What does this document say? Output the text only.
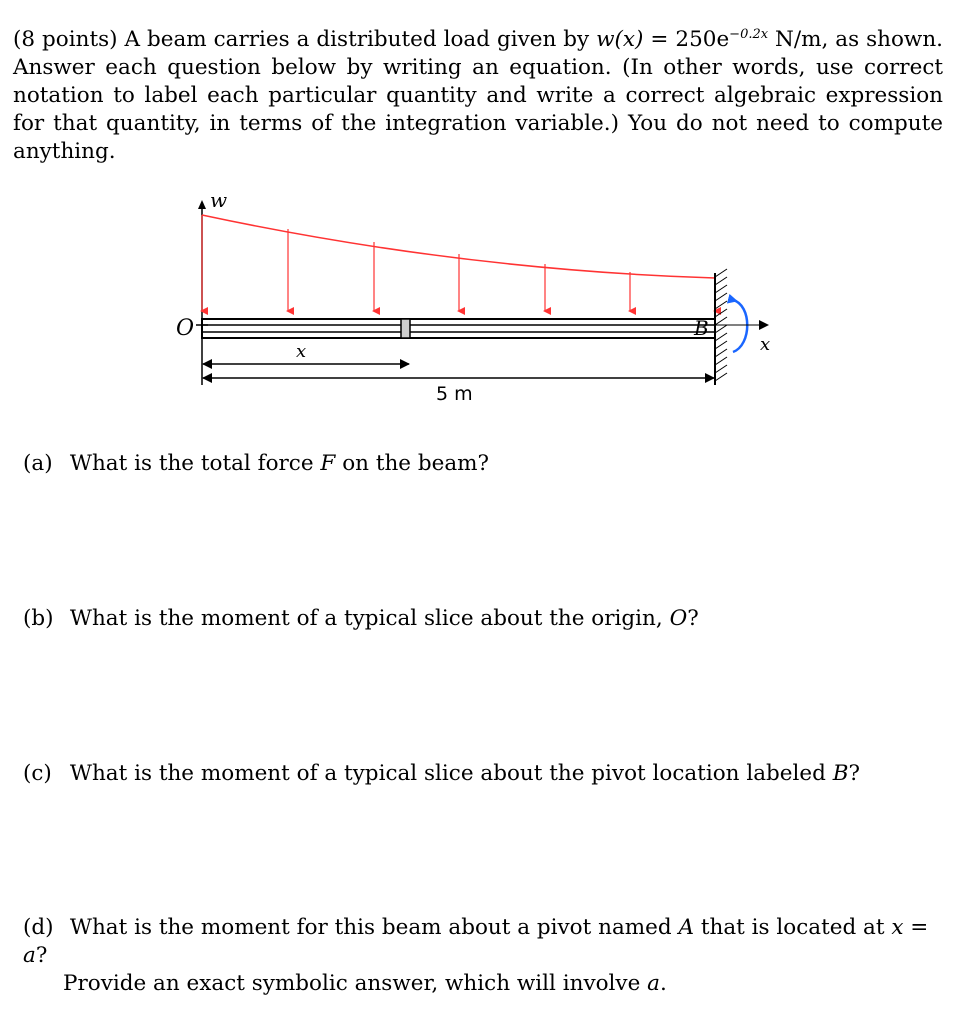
(8 points) A beam carries a distributed load given by $w(x) = 250e^{-0.2x}$ N/m, as shown. Answer each question below by writing an equation. (In other words, use correct notation to label each particular quantity and write a correct algebraic expression for that quantity, in terms of the integration variable.) You do not need to compute anything.
w
O	B
x
x
5 m
(a) What is the total force F on the beam?
(b) What is the moment of a typical slice about the origin, O?
(c) What is the moment of a typical slice about the pivot location labeled B?
(d) What is the moment for this beam about a pivot named A that is located at x = a?
Provide an exact symbolic answer, which will involve a.
